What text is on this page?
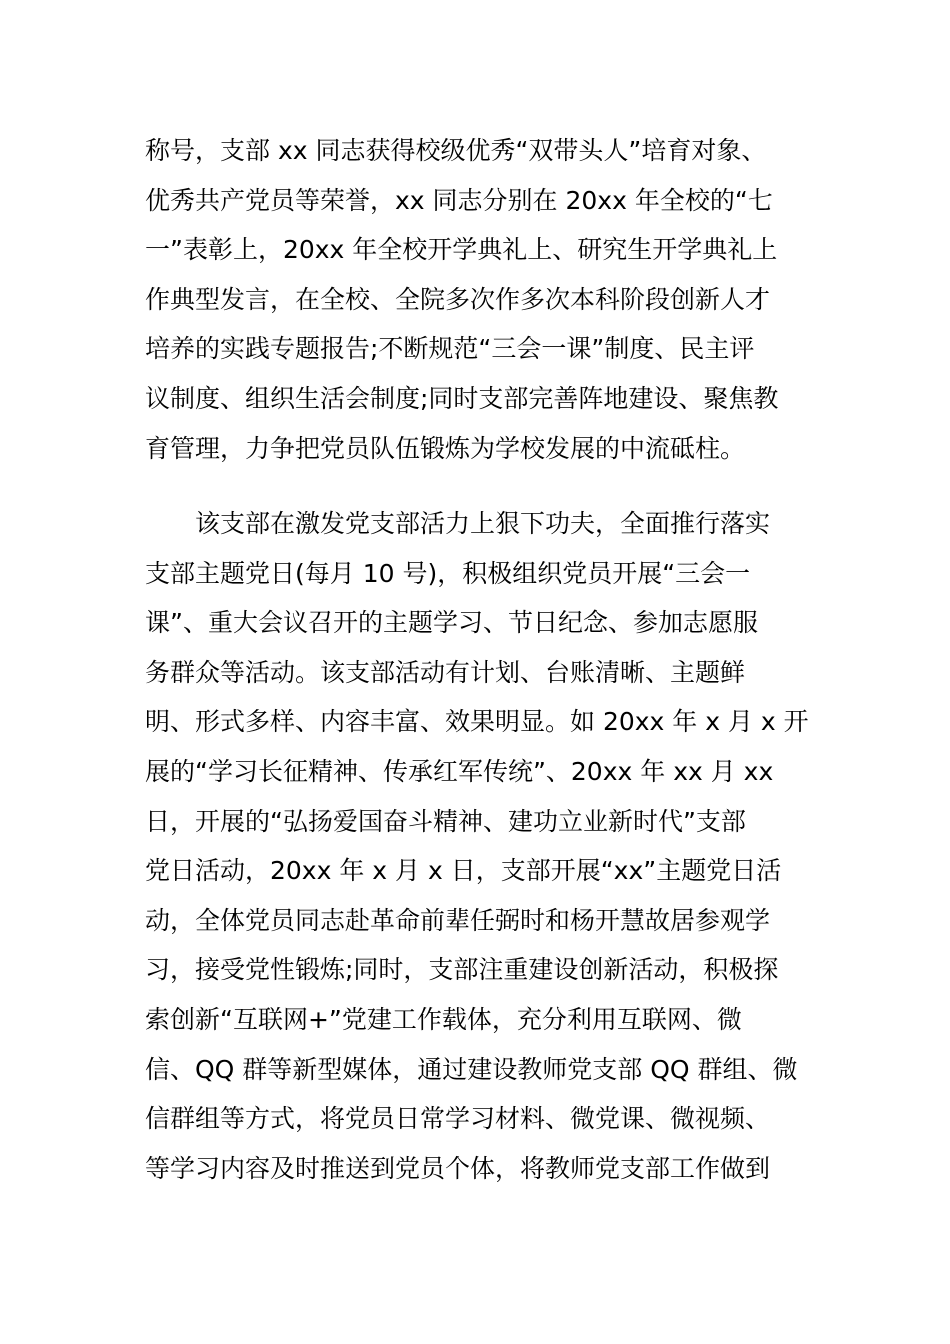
称号，支部 xx 同志获得校级优秀“双带头人”培育对象、
优秀共产党员等荣誉，xx 同志分别在 20xx 年全校的“七
一”表彰上，20xx 年全校开学典礼上、研究生开学典礼上
作典型发言，在全校、全院多次作多次本科阶段创新人才
培养的实践专题报告;不断规范“三会一课”制度、民主评
议制度、组织生活会制度;同时支部完善阵地建设、聚焦教
育管理，力争把党员队伍锻炼为学校发展的中流砥柱。
　　该支部在激发党支部活力上狠下功夫，全面推行落实
支部主题党日(每月 10 号)，积极组织党员开展“三会一
课”、重大会议召开的主题学习、节日纪念、参加志愿服
务群众等活动。该支部活动有计划、台账清晰、主题鲜
明、形式多样、内容丰富、效果明显。如 20xx 年 x 月 x 开
展的“学习长征精神、传承红军传统”、20xx 年 xx 月 xx
日，开展的“弘扬爱国奋斗精神、建功立业新时代”支部
党日活动，20xx 年 x 月 x 日，支部开展“xx”主题党日活
动，全体党员同志赴革命前辈任弼时和杨开慧故居参观学
习，接受党性锻炼;同时，支部注重建设创新活动，积极探
索创新“互联网+”党建工作载体，充分利用互联网、微
信、QQ 群等新型媒体，通过建设教师党支部 QQ 群组、微
信群组等方式，将党员日常学习材料、微党课、微视频、
等学习内容及时推送到党员个体，将教师党支部工作做到
